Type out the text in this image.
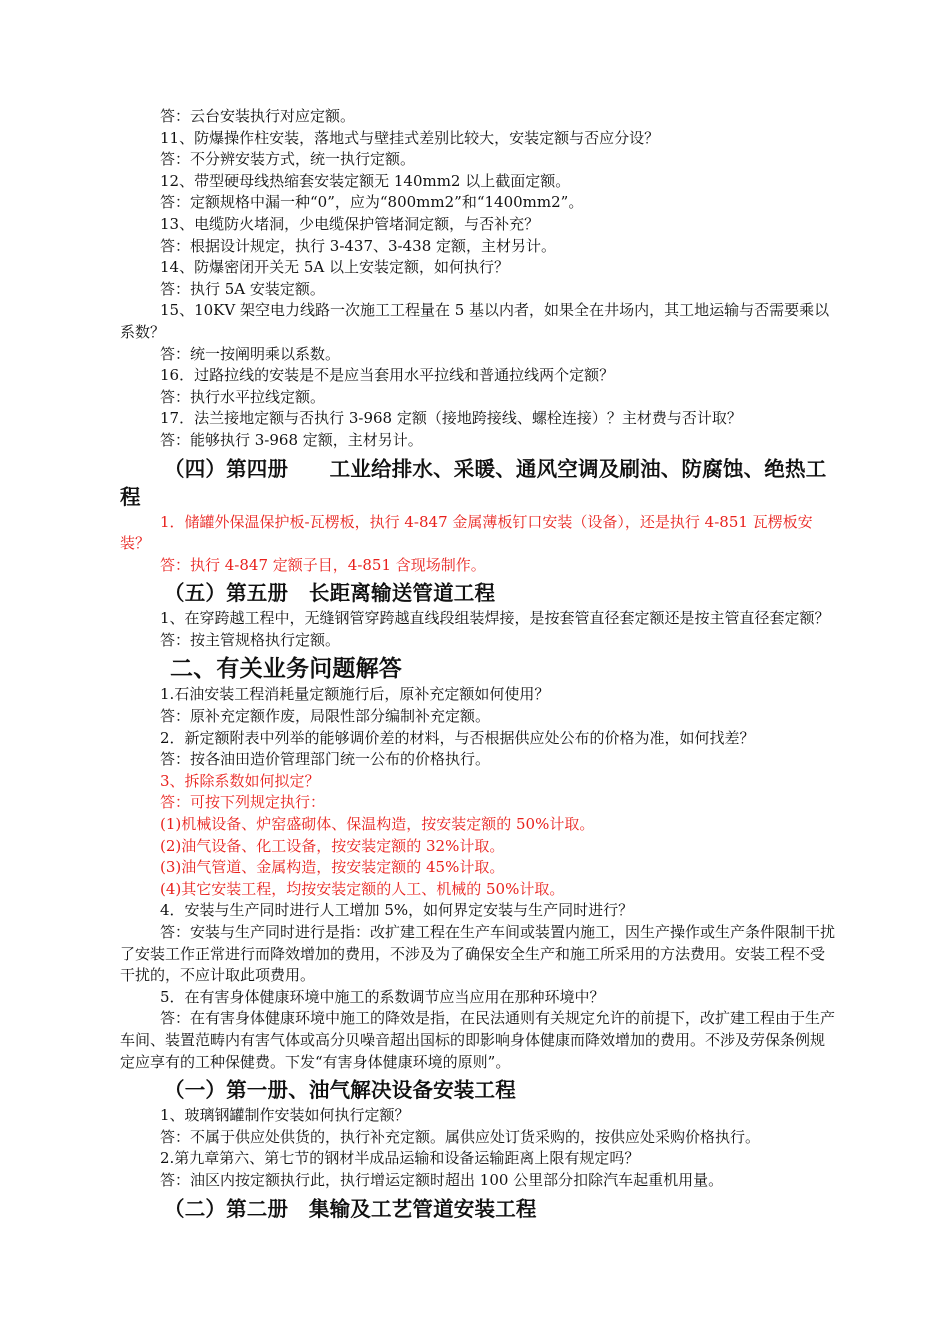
答：云台安装执行对应定额。

11、防爆操作柱安装，落地式与壁挂式差别比较大，安装定额与否应分设？

答：不分辨安装方式，统一执行定额。

12、带型硬母线热缩套安装定额无 140mm2 以上截面定额。

答：定额规格中漏一种“0”，应为“800mm2”和“1400mm2”。

13、电缆防火堵洞，少电缆保护管堵洞定额，与否补充？

答：根据设计规定，执行 3-437、3-438 定额，主材另计。

14、防爆密闭开关无 5A 以上安装定额，如何执行？

答：执行 5A 安装定额。

15、10KV 架空电力线路一次施工工程量在 5 基以内者，如果全在井场内，其工地运输与否需要乘以系数？

答：统一按阐明乘以系数。

16．过路拉线的安装是不是应当套用水平拉线和普通拉线两个定额？

答：执行水平拉线定额。

17．法兰接地定额与否执行 3-968 定额（接地跨接线、螺栓连接）？主材费与否计取？

答：能够执行 3-968 定额，主材另计。

（四）第四册　　工业给排水、采暖、通风空调及刷油、防腐蚀、绝热工程

1．储罐外保温保护板-瓦楞板，执行 4-847 金属薄板钉口安装（设备），还是执行 4-851 瓦楞板安装？

答：执行 4-847 定额子目，4-851 含现场制作。

（五）第五册　长距离输送管道工程

1、在穿跨越工程中，无缝钢管穿跨越直线段组装焊接，是按套管直径套定额还是按主管直径套定额？

答：按主管规格执行定额。

二、有关业务问题解答

1.石油安装工程消耗量定额施行后，原补充定额如何使用？

答：原补充定额作废，局限性部分编制补充定额。

2．新定额附表中列举的能够调价差的材料，与否根据供应处公布的价格为准，如何找差？

答：按各油田造价管理部门统一公布的价格执行。

3、拆除系数如何拟定？

答：可按下列规定执行：

(1)机械设备、炉窑盛砌体、保温构造，按安装定额的 50%计取。

(2)油气设备、化工设备，按安装定额的 32%计取。

(3)油气管道、金属构造，按安装定额的 45%计取。

(4)其它安装工程，均按安装定额的人工、机械的 50%计取。

4．安装与生产同时进行人工增加 5%，如何界定安装与生产同时进行？

答：安装与生产同时进行是指：改扩建工程在生产车间或装置内施工，因生产操作或生产条件限制干扰了安装工作正常进行而降效增加的费用，不涉及为了确保安全生产和施工所采用的方法费用。安装工程不受干扰的，不应计取此项费用。

5．在有害身体健康环境中施工的系数调节应当应用在那种环境中？

答：在有害身体健康环境中施工的降效是指，在民法通则有关规定允许的前提下，改扩建工程由于生产车间、装置范畴内有害气体或高分贝噪音超出国标的即影响身体健康而降效增加的费用。不涉及劳保条例规定应享有的工种保健费。下发“有害身体健康环境的原则”。

（一）第一册、油气解决设备安装工程

1、玻璃钢罐制作安装如何执行定额？

答：不属于供应处供货的，执行补充定额。属供应处订货采购的，按供应处采购价格执行。

2.第九章第六、第七节的钢材半成品运输和设备运输距离上限有规定吗？

答：油区内按定额执行此，执行增运定额时超出 100 公里部分扣除汽车起重机用量。

（二）第二册　集输及工艺管道安装工程
